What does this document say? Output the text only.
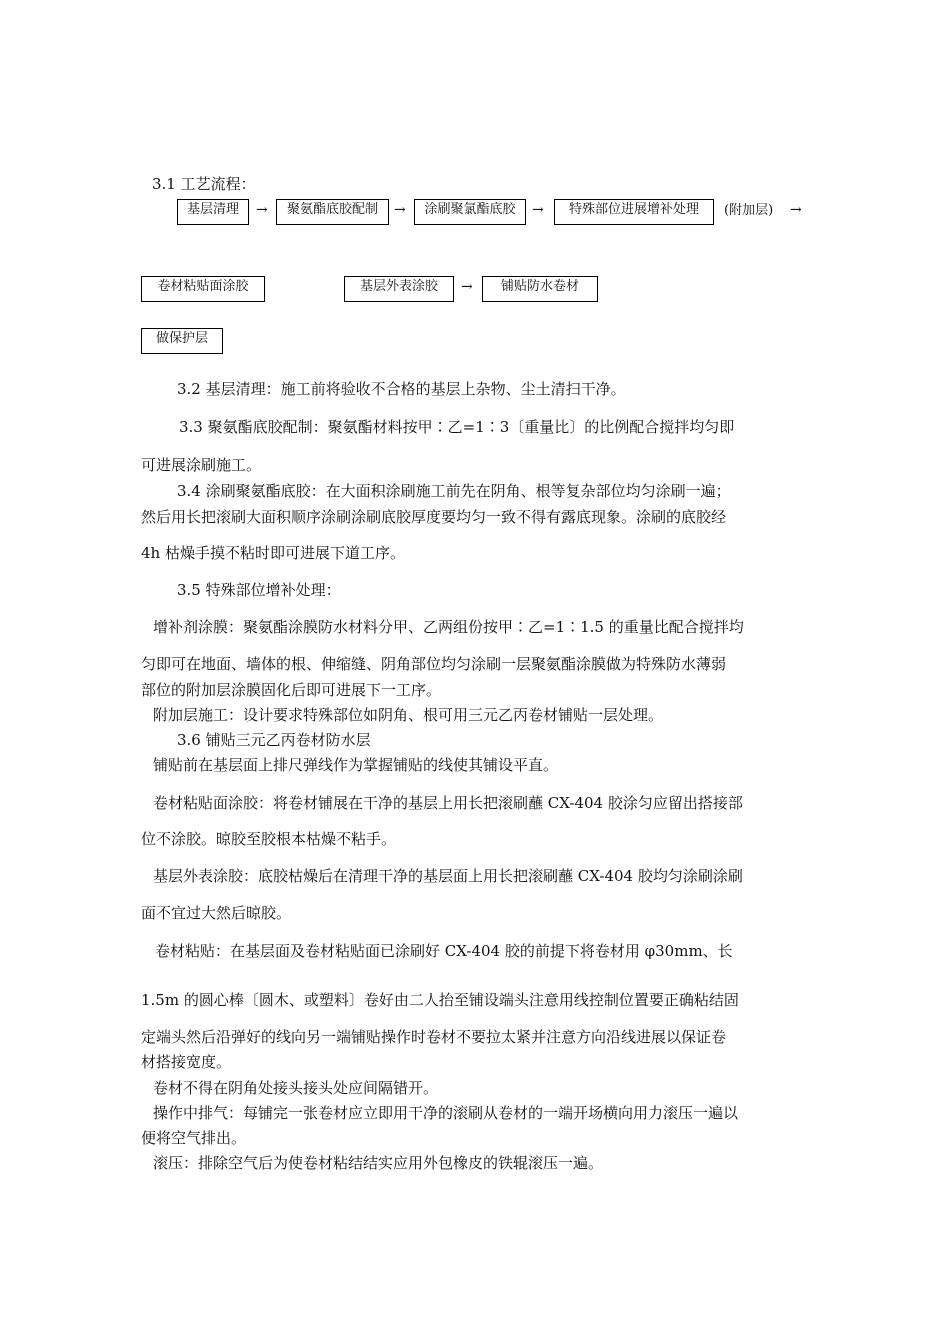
3.1 工艺流程：
基层清理	→	聚氨酯底胶配制	→	涂刷聚氯酯底胶	→	特殊部位进展增补处理	(附加层) →
卷材粘贴面涂胶	基层外表涂胶	→	铺贴防水卷材
做保护层
3.2 基层清理：施工前将验收不合格的基层上杂物、尘土清扫干净。
3.3 聚氨酯底胶配制：聚氨酯材料按甲∶乙=1∶3〔重量比〕的比例配合搅拌均匀即
可进展涂刷施工。
3.4 涂刷聚氨酯底胶：在大面积涂刷施工前先在阴角、根等复杂部位均匀涂刷一遍；
然后用长把滚刷大面积顺序涂刷涂刷底胶厚度要均匀一致不得有露底现象。涂刷的底胶经
4h 枯燥手摸不粘时即可进展下道工序。
3.5 特殊部位增补处理：
增补剂涂膜：聚氨酯涂膜防水材料分甲、乙两组份按甲∶乙=1∶1.5 的重量比配合搅拌均
匀即可在地面、墙体的根、伸缩缝、阴角部位均匀涂刷一层聚氨酯涂膜做为特殊防水薄弱
部位的附加层涂膜固化后即可进展下一工序。
附加层施工：设计要求特殊部位如阴角、根可用三元乙丙卷材铺贴一层处理。
3.6 铺贴三元乙丙卷材防水层
铺贴前在基层面上排尺弹线作为掌握铺贴的线使其铺设平直。
卷材粘贴面涂胶：将卷材铺展在干净的基层上用长把滚刷蘸 CX-404 胶涂匀应留出搭接部
位不涂胶。晾胶至胶根本枯燥不粘手。
基层外表涂胶：底胶枯燥后在清理干净的基层面上用长把滚刷蘸 CX-404 胶均匀涂刷涂刷
面不宜过大然后晾胶。
卷材粘贴：在基层面及卷材粘贴面已涂刷好 CX-404 胶的前提下将卷材用 φ30mm、长
1.5m 的圆心棒〔圆木、或塑料〕卷好由二人抬至铺设端头注意用线控制位置要正确粘结固
定端头然后沿弹好的线向另一端铺贴操作时卷材不要拉太紧并注意方向沿线进展以保证卷
材搭接宽度。
卷材不得在阴角处接头接头处应间隔错开。
操作中排气：每铺完一张卷材应立即用干净的滚刷从卷材的一端开场横向用力滚压一遍以
便将空气排出。
滚压：排除空气后为使卷材粘结结实应用外包橡皮的铁辊滚压一遍。
